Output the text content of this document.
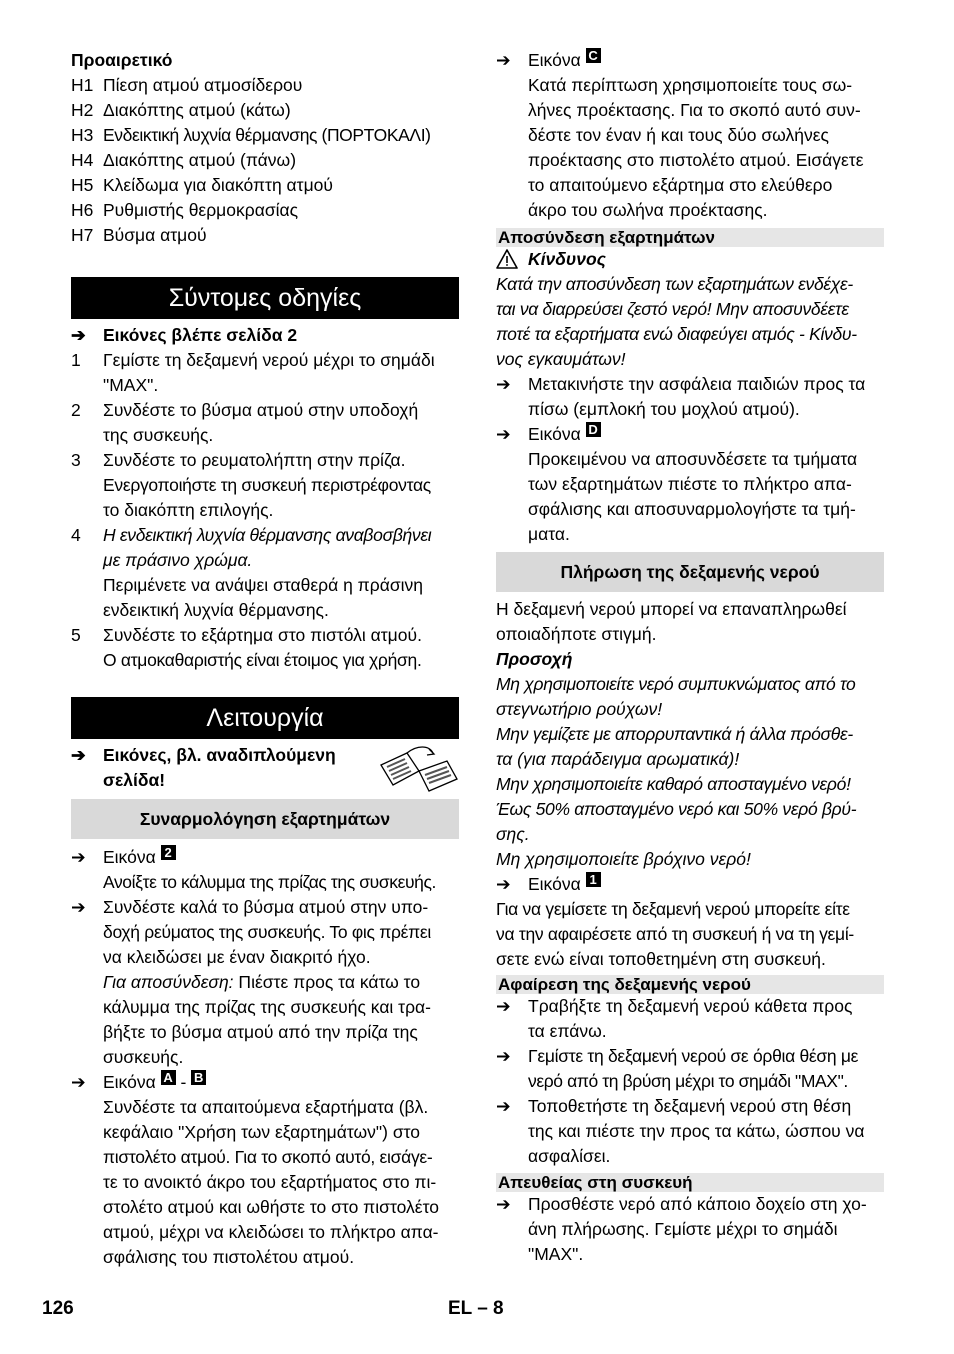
Προαιρετικό
H1 Πίεση ατμού ατμοσίδερου
H2 Διακόπτης ατμού (κάτω)
H3 Ενδεικτική λυχνία θέρμανσης (ΠΟΡΤΟΚΑΛΙ)
H4 Διακόπτης ατμού (πάνω)
H5 Κλείδωμα για διακόπτη ατμού
H6 Ρυθμιστής θερμοκρασίας
H7 Βύσμα ατμού
Σύντομες οδηγίες
➔ Εικόνες βλέπε σελίδα 2
1	Γεμίστε τη δεξαμενή νερού μέχρι το σημάδι
"MAX".
2	Συνδέστε το βύσμα ατμού στην υποδοχή
της συσκευής.
3	Συνδέστε το ρευματολήπτη στην πρίζα.
Ενεργοποιήστε τη συσκευή περιστρέφοντας
το διακόπτη επιλογής.
4	Η ενδεικτική λυχνία θέρμανσης αναβοσβήνει
με πράσινο χρώμα.
Περιμένετε να ανάψει σταθερά η πράσινη
ενδεικτική λυχνία θέρμανσης.
5	Συνδέστε το εξάρτημα στο πιστόλι ατμού.
Ο ατμοκαθαριστής είναι έτοιμος για χρήση.
Λειτουργία
➔ Εικόνες, βλ. αναδιπλούμενη
σελίδα!
Συναρμολόγηση εξαρτημάτων
➔ Εικόνα
2
Ανοίξτε το κάλυμμα της πρίζας της συσκευής.
➔ Συνδέστε καλά το βύσμα ατμού στην υπο-
δοχή ρεύματος της συσκευής. Το φις πρέπει
να κλειδώσει με έναν διακριτό ήχο.
Για αποσύνδεση: Πιέστε προς τα κάτω το
κάλυμμα της πρίζας της συσκευής και τρα-
βήξτε το βύσμα ατμού από την πρίζα της
συσκευής.
➔ Εικόνα
A - B
Συνδέστε τα απαιτούμενα εξαρτήματα (βλ.
κεφάλαιο "Χρήση των εξαρτημάτων") στο
πιστολέτο ατμού. Για το σκοπό αυτό, εισάγε-
τε το ανοικτό άκρο του εξαρτήματος στο πι-
στολέτο ατμού και ωθήστε το στο πιστολέτο
ατμού, μέχρι να κλειδώσει το πλήκτρο απα-
σφάλισης του πιστολέτου ατμού.
➔ Εικόνα
C
Κατά περίπτωση χρησιμοποιείτε τους σω-
λήνες προέκτασης. Για το σκοπό αυτό συν-
δέστε τον έναν ή και τους δύο σωλήνες
προέκτασης στο πιστολέτο ατμού. Εισάγετε
το απαιτούμενο εξάρτημα στο ελεύθερο
άκρο του σωλήνα προέκτασης.
Αποσύνδεση εξαρτημάτων
Κίνδυνος
Κατά την αποσύνδεση των εξαρτημάτων ενδέχε-
ται να διαρρεύσει ζεστό νερό! Μην αποσυνδέετε
ποτέ τα εξαρτήματα ενώ διαφεύγει ατμός - Κίνδυ-
νος εγκαυμάτων!
➔ Μετακινήστε την ασφάλεια παιδιών προς τα
πίσω (εμπλοκή του μοχλού ατμού).
➔ Εικόνα
D
Προκειμένου να αποσυνδέσετε τα τμήματα
των εξαρτημάτων πιέστε το πλήκτρο απα-
σφάλισης και αποσυναρμολογήστε τα τμή-
ματα.
Πλήρωση της δεξαμενής νερού
Η δεξαμενή νερού μπορεί να επαναπληρωθεί
οποιαδήποτε στιγμή.
Προσοχή
Μη χρησιμοποιείτε νερό συμπυκνώματος από το
στεγνωτήριο ρούχων!
Μην γεμίζετε με απορρυπαντικά ή άλλα πρόσθε-
τα (για παράδειγμα αρωματικά)!
Μην χρησιμοποιείτε καθαρό αποσταγμένο νερό!
Έως 50% αποσταγμένο νερό και 50% νερό βρύ-
σης.
Μη χρησιμοποιείτε βρόχινο νερό!
➔ Εικόνα
1
Για να γεμίσετε τη δεξαμενή νερού μπορείτε είτε
να την αφαιρέσετε από τη συσκευή ή να τη γεμί-
σετε ενώ είναι τοποθετημένη στη συσκευή.
Αφαίρεση της δεξαμενής νερού
➔ Τραβήξτε τη δεξαμενή νερού κάθετα προς
τα επάνω.
➔ Γεμίστε τη δεξαμενή νερού σε όρθια θέση με
νερό από τη βρύση μέχρι το σημάδι "MAX".
➔ Τοποθετήστε τη δεξαμενή νερού στη θέση
της και πιέστε την προς τα κάτω, ώσπου να
ασφαλίσει.
Απευθείας στη συσκευή
➔ Προσθέστε νερό από κάποιο δοχείο στη χο-
άνη πλήρωσης. Γεμίστε μέχρι το σημάδι
"MAX".
126	EL – 8
